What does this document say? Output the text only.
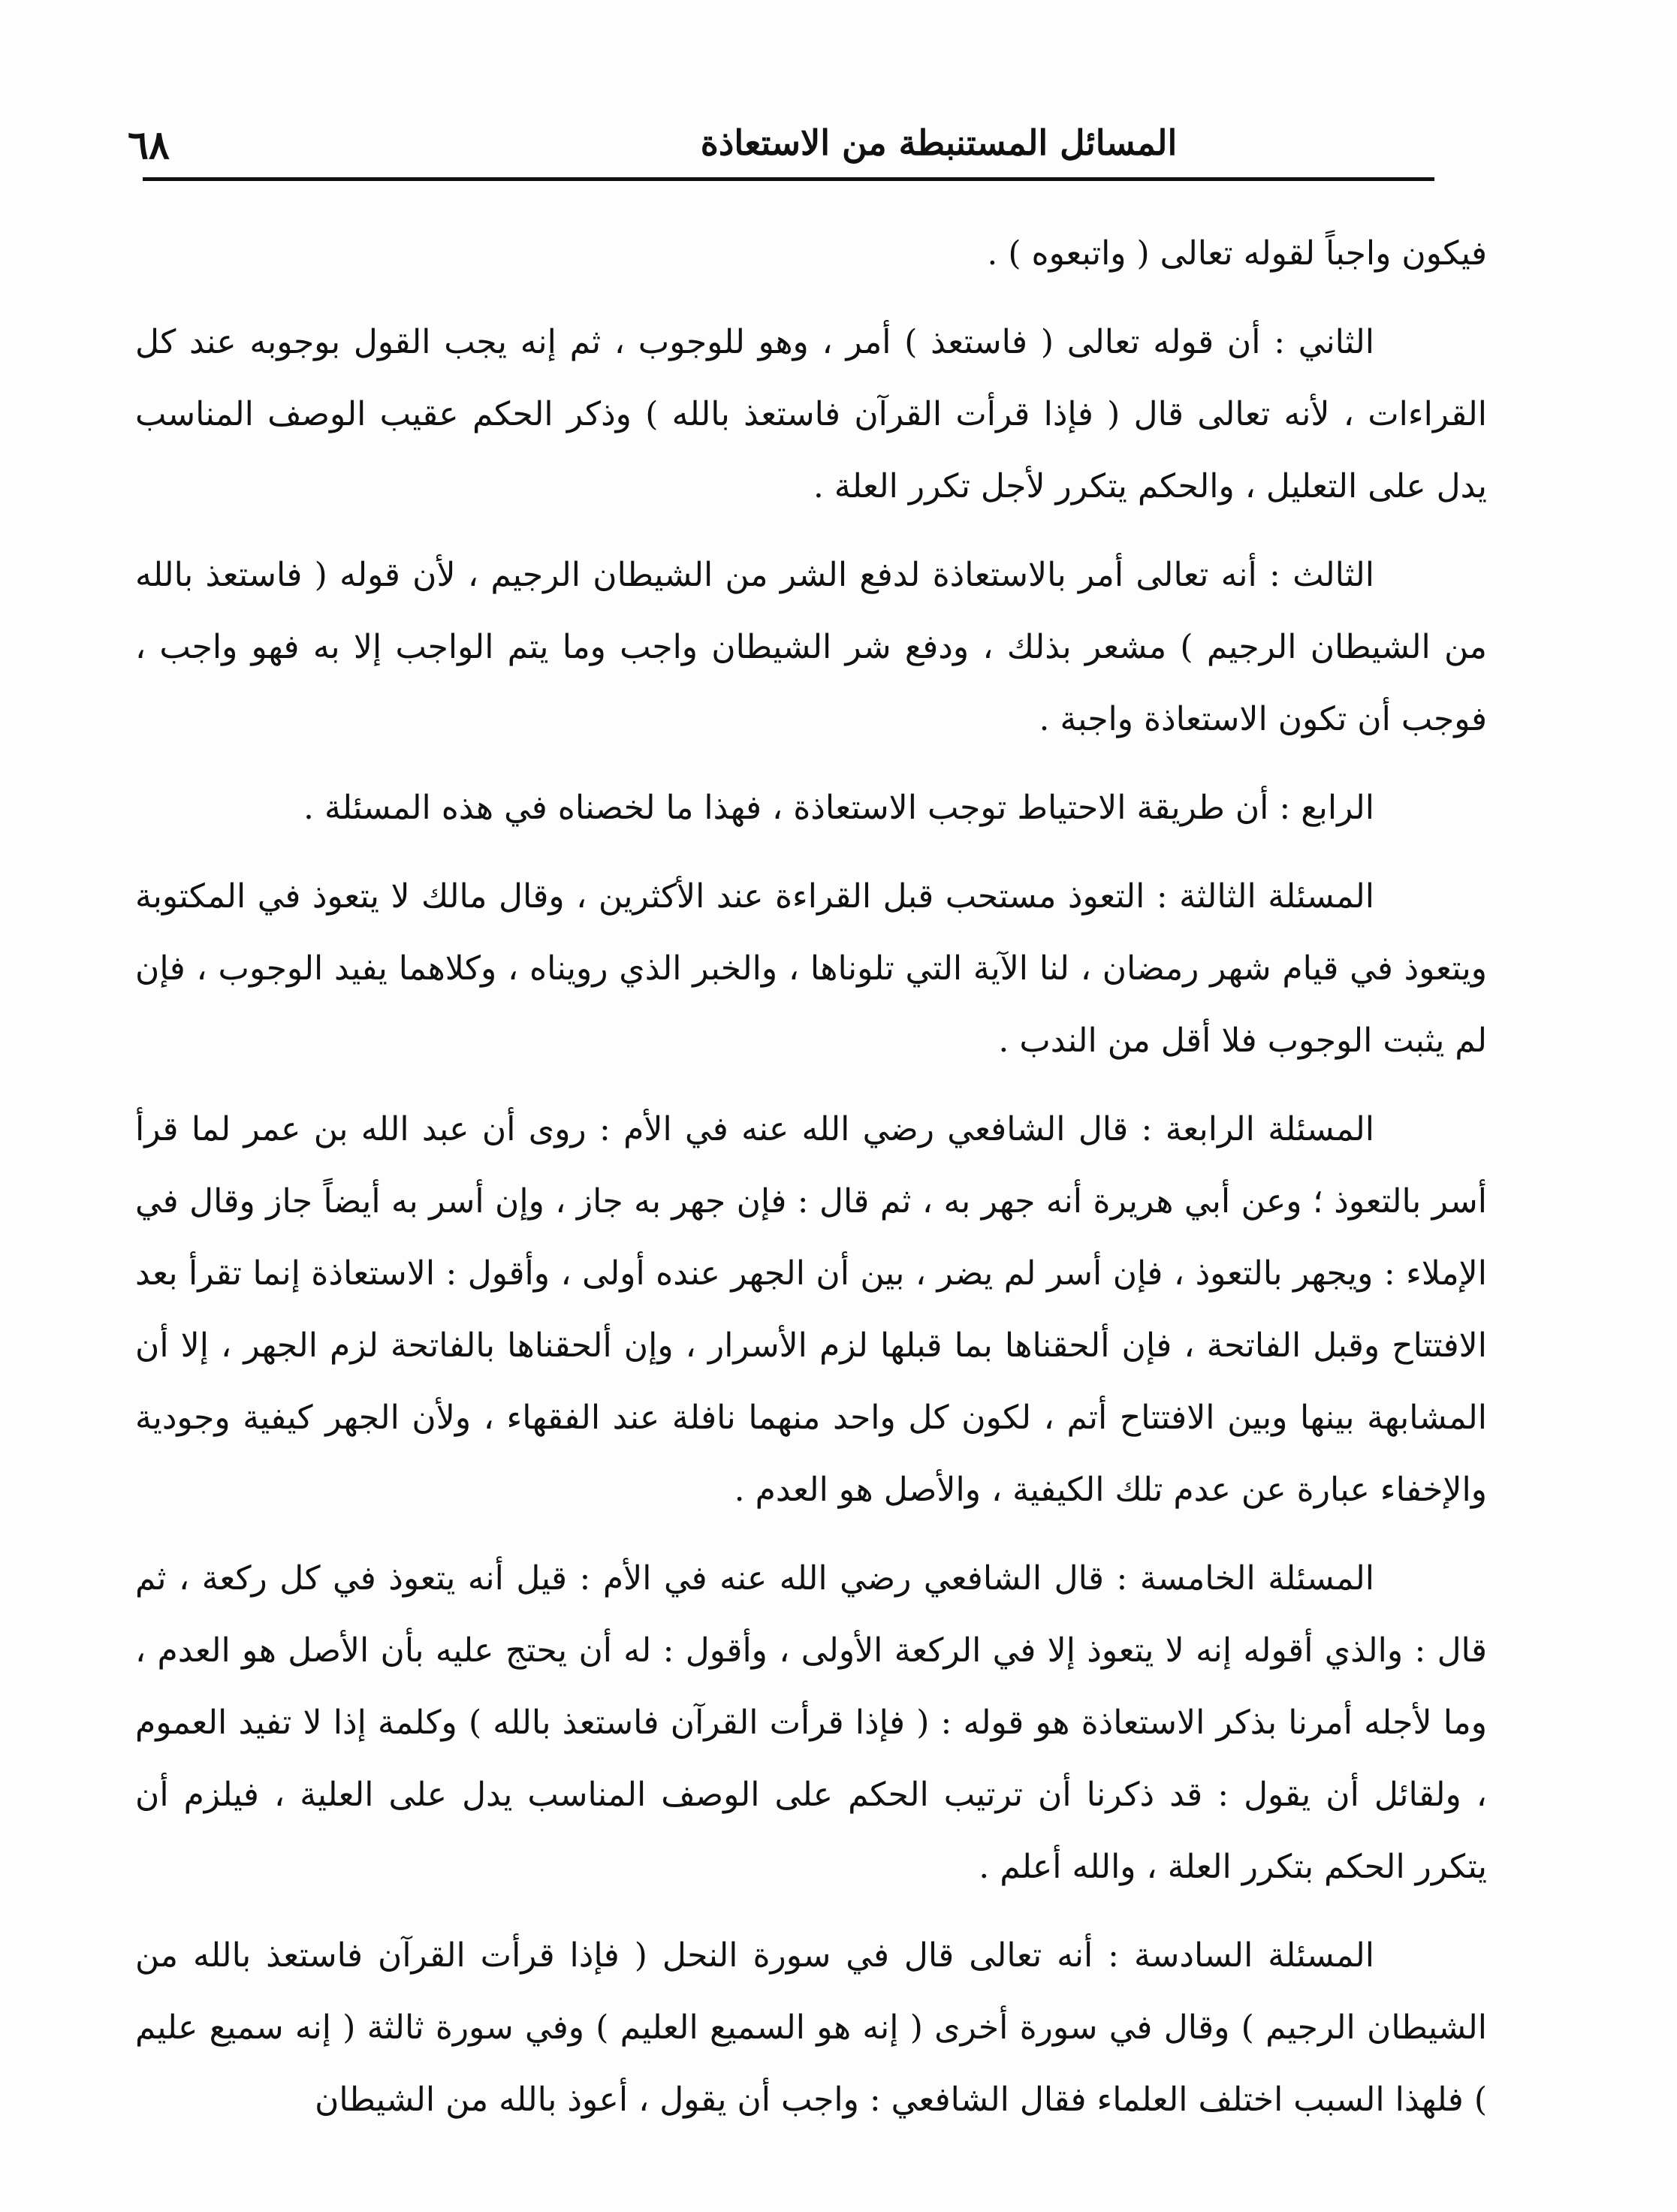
٦٨	المسائل المستنبطة من الاستعاذة

فيكون واجباً لقوله تعالى ( واتبعوه ) .

الثاني : أن قوله تعالى ( فاستعذ ) أمر ، وهو للوجوب ، ثم إنه يجب القول بوجوبه عند كل القراءات ، لأنه تعالى قال ( فإذا قرأت القرآن فاستعذ بالله ) وذكر الحكم عقيب الوصف المناسب يدل على التعليل ، والحكم يتكرر لأجل تكرر العلة .

الثالث : أنه تعالى أمر بالاستعاذة لدفع الشر من الشيطان الرجيم ، لأن قوله ( فاستعذ بالله من الشيطان الرجيم ) مشعر بذلك ، ودفع شر الشيطان واجب وما يتم الواجب إلا به فهو واجب ، فوجب أن تكون الاستعاذة واجبة .

الرابع : أن طريقة الاحتياط توجب الاستعاذة ، فهذا ما لخصناه في هذه المسئلة .

المسئلة الثالثة : التعوذ مستحب قبل القراءة عند الأكثرين ، وقال مالك لا يتعوذ في المكتوبة ويتعوذ في قيام شهر رمضان ، لنا الآية التي تلوناها ، والخبر الذي رويناه ، وكلاهما يفيد الوجوب ، فإن لم يثبت الوجوب فلا أقل من الندب .

المسئلة الرابعة : قال الشافعي رضي الله عنه في الأم : روى أن عبد الله بن عمر لما قرأ أسر بالتعوذ ؛ وعن أبي هريرة أنه جهر به ، ثم قال : فإن جهر به جاز ، وإن أسر به أيضاً جاز وقال في الإملاء : ويجهر بالتعوذ ، فإن أسر لم يضر ، بين أن الجهر عنده أولى ، وأقول : الاستعاذة إنما تقرأ بعد الافتتاح وقبل الفاتحة ، فإن ألحقناها بما قبلها لزم الأسرار ، وإن ألحقناها بالفاتحة لزم الجهر ، إلا أن المشابهة بينها وبين الافتتاح أتم ، لكون كل واحد منهما نافلة عند الفقهاء ، ولأن الجهر كيفية وجودية والإخفاء عبارة عن عدم تلك الكيفية ، والأصل هو العدم .

المسئلة الخامسة : قال الشافعي رضي الله عنه في الأم : قيل أنه يتعوذ في كل ركعة ، ثم قال : والذي أقوله إنه لا يتعوذ إلا في الركعة الأولى ، وأقول : له أن يحتج عليه بأن الأصل هو العدم ، وما لأجله أمرنا بذكر الاستعاذة هو قوله : ( فإذا قرأت القرآن فاستعذ بالله ) وكلمة إذا لا تفيد العموم ، ولقائل أن يقول : قد ذكرنا أن ترتيب الحكم على الوصف المناسب يدل على العلية ، فيلزم أن يتكرر الحكم بتكرر العلة ، والله أعلم .

المسئلة السادسة : أنه تعالى قال في سورة النحل ( فإذا قرأت القرآن فاستعذ بالله من الشيطان الرجيم ) وقال في سورة أخرى ( إنه هو السميع العليم ) وفي سورة ثالثة ( إنه سميع عليم ) فلهذا السبب اختلف العلماء فقال الشافعي : واجب أن يقول ، أعوذ بالله من الشيطان
